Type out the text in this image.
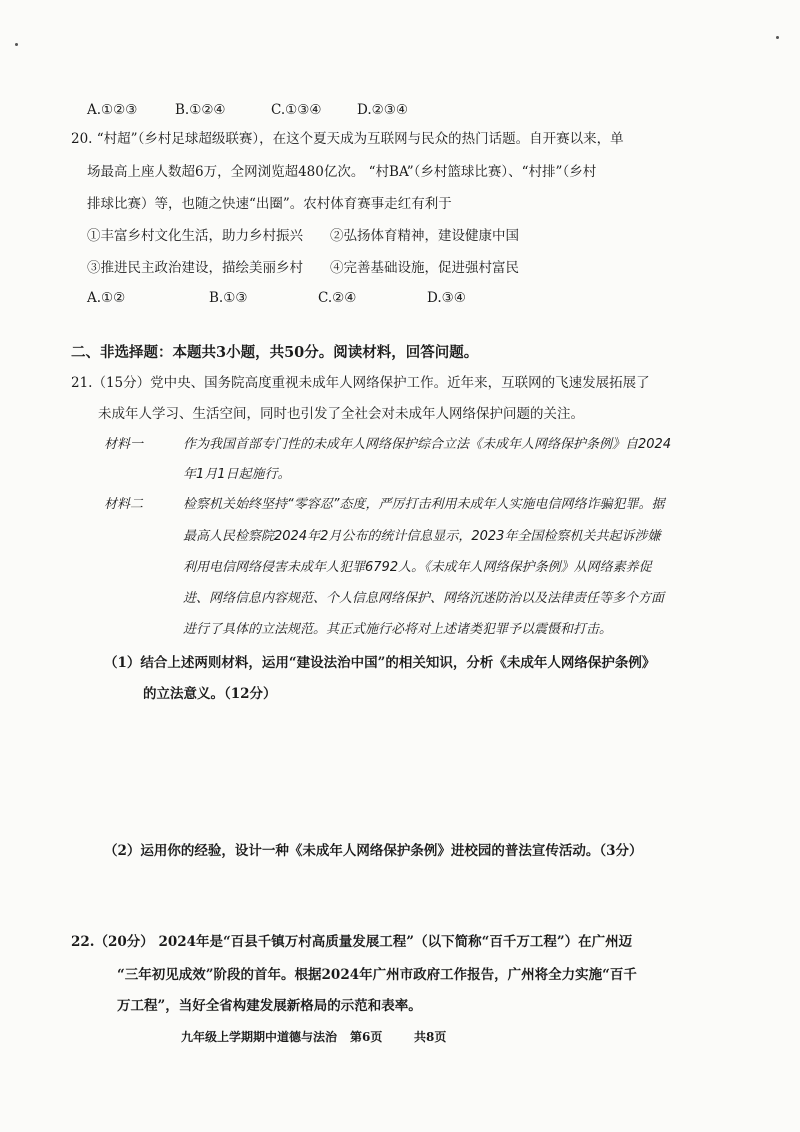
A.①②③	B.①②④	C.①③④	D.②③④
20. “村超”（乡村足球超级联赛），在这个夏天成为互联网与民众的热门话题。自开赛以来，单
场最高上座人数超6万，全网浏览超480亿次。 “村BA”（乡村篮球比赛）、“村排”（乡村
排球比赛）等，也随之快速“出圈”。农村体育赛事走红有利于
①丰富乡村文化生活，助力乡村振兴 ②弘扬体育精神，建设健康中国
③推进民主政治建设，描绘美丽乡村 ④完善基础设施，促进强村富民
A.①②	B.①③	C.②④	D.③④
二、非选择题：本题共3小题，共50分。阅读材料，回答问题。
21.（15分）党中央、国务院高度重视未成年人网络保护工作。近年来，互联网的飞速发展拓展了
未成年人学习、生活空间，同时也引发了全社会对未成年人网络保护问题的关注。
材料一	作为我国首部专门性的未成年人网络保护综合立法《未成年人网络保护条例》自2024
年1月1日起施行。
材料二	检察机关始终坚持“零容忍”态度，严厉打击利用未成年人实施电信网络诈骗犯罪。据
最高人民检察院2024年2月公布的统计信息显示，2023年全国检察机关共起诉涉嫌
利用电信网络侵害未成年人犯罪6792人。《未成年人网络保护条例》从网络素养促
进、网络信息内容规范、个人信息网络保护、网络沉迷防治以及法律责任等多个方面
进行了具体的立法规范。其正式施行必将对上述诸类犯罪予以震慑和打击。
（1）结合上述两则材料，运用“建设法治中国”的相关知识，分析《未成年人网络保护条例》
的立法意义。（12分）
（2）运用你的经验，设计一种《未成年人网络保护条例》进校园的普法宣传活动。（3分）
22.（20分） 2024年是“百县千镇万村高质量发展工程”（以下简称“百千万工程”）在广州迈
“三年初见成效”阶段的首年。根据2024年广州市政府工作报告，广州将全力实施“百千
万工程”，当好全省构建发展新格局的示范和表率。
九年级上学期期中道德与法治 第6页	共8页
